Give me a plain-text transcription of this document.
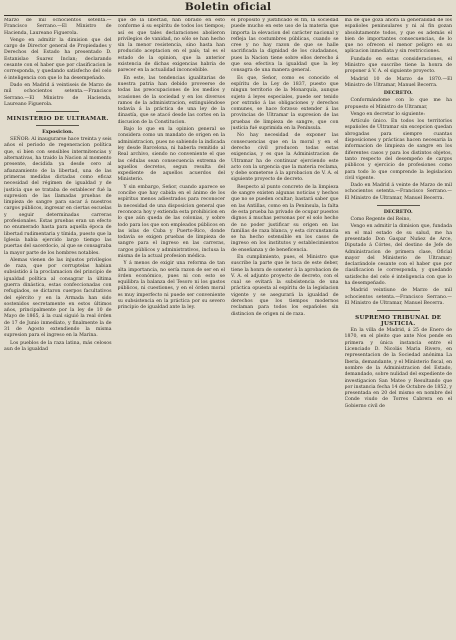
Boletin oficial

Marzo de mil ochocientos setenta.—Francisco Serrano.—El Ministro de Hacienda, Laureano Figuerola.

Vengo en admitir la dimision que del cargo de Director general de Propiedades y Derechos del Estado ha presentado D. Estanislao Suarez Inclan; declarando cesante con el haber que por clasificacion le corresponda, y quedando satisfecho del celo é inteligencia con que lo ha desempeñado.

Dado en Madrid á veintiseis de Marzo de mil ochocientos setenta.—Francisco Serrano.—El Ministro de Hacienda, Laureano Figuerola.

MINISTERIO DE ULTRAMAR.
Exposicion.

SEÑOR: Al inaugurarse hace treinta y seis años el periodo de regeneracion política que, si bien con sensibles intermitencias y alternativas, ha traido la Nacion al momento presente, decidida ya desde cero al afianzamiento de la libertad, una de las primeras medidas dictadas como eficaz necesidad del régimen de igualdad y de justicia que se trataba de establecer fué la supresion de las llamadas pruebas de limpieza de sangre para sacar á nuestros cargos públicos, ingresar en ciertas escuelas y seguir determinadas carreras profesionales. Estas pruebas eran un efecto no enumerado hasta para aquella época de libertad rudimentaria y tímida, puesto que la Iglesia había ejercido largo tiempo las puertas del sacerdocio, al que se consagraba la mayor parte de los hombres notables.

Alemas vienen de las injustos privilegios de raza, que por corruptelas habian subsistido á la proclamacion del principio de igualdad política al consagrar la última guerra dinástica, estas confeccionadas con refugiados, se dictaron cuerpos facultativos del ejército y en la Armada han sido sostenidos secretamente en estos últimos años, principalmente por la ley de 10 de Mayo de 1865, á la cual siguió la real órden de 17 de Junio inmediato, y finalmente la de 31 de Agosto extendiendo la misma supresion para el ingreso en la Marina.

Los pueblos de la raza latina, más celosos aun de la igualdad

que de la libertad, han obrado en esto conforme á su espíritu de todos los tiempos; así es que tales declaraciones abolieron privilegios de vanidad, no sólo se han hecho sin la menor resistencia, sino hasta han producido aceptacion en el país; tal es el estado de la opinion, que la anterior existencia de dichas exigencias habria de parecer en la actualidad inconcebible.

En este, las tendencias igualitarias de nuestra patria han debido proveerse de todas las preocupaciones de los medios y ocasiones de la sociedad y en los diversos ramos de la administracion, extinguiéndose todavía á la práctica de una ley de la dinastía, que se atacó desde las cortes en la discusion de la Constitucion.

Bajo lo que en la opinion general se considera como un mandato de origen en la administracion, pues no sabiendo la indicada ley desde Barcelona, ni haberla remitido al Real archivo, siendo no conveniente el que las cédulas sean consecuencia extrema de aquellos decretos, segun resulta del expediente de aquellos acuerdos del Ministerio.

Y sin embargo, Señor, cuando aparece se concibe que hay cabida en el ánimo de los espíritus menos adiestrados para reconocer la necesidad de una disposicion general que reconozca hoy y extienda esta prohibicion en lo que aún queda de las colonias, y sobre todo para los que son empleados públicos en las islas de Cuba y Puerto-Rico, donde todavía se exigen pruebas de limpieza de sangre para el ingreso en las carreras, cargos públicos y administrativos, inclusa la misma de la actual profesion médica.

Y á menos de exigir una reforma de tan alta importancia, no sería razon de ser en el órden económico, pues ni con esto se equilibra la balanza del Tesoro ni los gastos públicos, ni cuestiones, y en el órden moral es muy imperfecto ni puede ser conveniente su subsistencia en la práctica por su severo principio de igualdad ante la ley.

el propósito y justificado el fin, la sociedad puede mucho en este uso de la materia que importa la elevacion del carácter nacional y refleja las costumbres públicas, cuando se cree y no hay razon de que se halle sacrificada la dignidad de los ciudadanos, pues la Nacion tiene sobre ellos derecho á que sea efectiva la igualdad que la ley consagra de una manera general.

Es que, Señor, como es conocido el espíritu de la Ley de 1837, puesto que ningun territorio de la Monarquía, aunque sujeto á leyes especiales, puede ser tenido por extraño á las obligaciones y derechos comunes, se hace forzoso extender á las provincias de Ultramar la supresion de las pruebas de limpieza de sangre, que con justicia fué suprimida en la Península.

No hay necesidad de exponer las consecuencias que en la moral y en el derecho civil producen todas estas exigencias, y es que la Administracion de Ultramar ha de continuar ejerciendo este acto con la urgencia que la materia reclama, y debe someterse á la aprobacion de V. A. el siguiente proyecto de decreto.

Respecto al punto concreto de la limpieza de sangre existen algunas noticias y hechos que no se pueden ocultar; bastará saber que en las Antillas, como en la Península, la falta de esta prueba ha privado de ocupar puestos dignos á muchas personas por el solo hecho de no poder justificar su origen en las familias de raza blanca, y esta circunstancia se ha hecho ostensible en los casos de ingreso en los institutos y establecimientos de enseñanza y de beneficencia.

En cumplimiento, pues, el Ministro que suscribe la parte que le toca de este deber, tiene la honra de someter á la aprobacion de V. A. el adjunto proyecto de decreto, con el cual se evitará la subsistencia de una práctica opuesta al espíritu de la legislacion vigente y se asegurará la igualdad de derechos que los tiempos modernos reclaman para todos los españoles sin distincion de origen ni de raza.

ma de que goza ahora la generalidad de los españoles peninsulares y ni al fin gozan absolutamente todos, y que es además el bien de importantes consecuencias, de lo que no ofrecen el menor peligro en su aplicacion inmediata y sin restricciones.

Fundado en estas consideraciones, el Ministro que suscribe tiene la honra de proponer á V. A. el siguiente proyecto.

Madrid 10 de Marzo de 1870.—El Ministro de Ultramar, Manuel Becerra.

DECRETO.

Conformándome con lo que me ha propuesto el Ministro de Ultramar,

Vengo en decretar lo siguiente:

Artículo único. En todos los territorios españoles de Ultramar sin excepcion quedan abrogadas para siempre cuantas disposiciones y prácticas hacen necesaria la informacion de limpieza de sangre en los diferentes casos y para los distintos objetos, tanto respecto del desempeño de cargos públicos y ejercicio de profesiones como para todo lo que comprende la legislacion civil vigente.

Dado en Madrid á veinte de Marzo de mil ochocientos setenta.—Francisco Serrano.—El Ministro de Ultramar, Manuel Becerra.

DECRETO.

Como Regente del Reino,

Vengo en admitir la dimision que, fundada en el mal estado de su salud, me ha presentado Don Gaspar Nuñez de Arce, Diputado á Córtes, del destino de Jefe de Administracion de primera clase, Oficial mayor del Ministerio de Ultramar; declarándole cesante con el haber que por clasificacion le corresponda, y quedando satisfecho del celo é inteligencia con que lo ha desempeñado.

Madrid veintiuno de Marzo de mil ochocientos setenta.—Francisco Serrano.—El Ministro de Ultramar, Manuel Becerra.

SUPREMO TRIBUNAL DE JUSTICIA.

En la villa de Madrid, á 25 de Enero de 1870, en el pleito que ante Nos pende en primera y única instancia entre el Licenciado D. Nicolás Maria Rivero, en representacion de la Sociedad anónima La Iberia, demandante, y el Ministerio fiscal, en nombre de la Administracion del Estado, demandado, sobre nulidad del expediente de investigacion San Mateo y Resultando que por instancia fecha 14 de Octubre de 1852, y presentada en 20 del mismo en nombre del Conde viudo de Torres Cabrera en el Gobierno civil de
